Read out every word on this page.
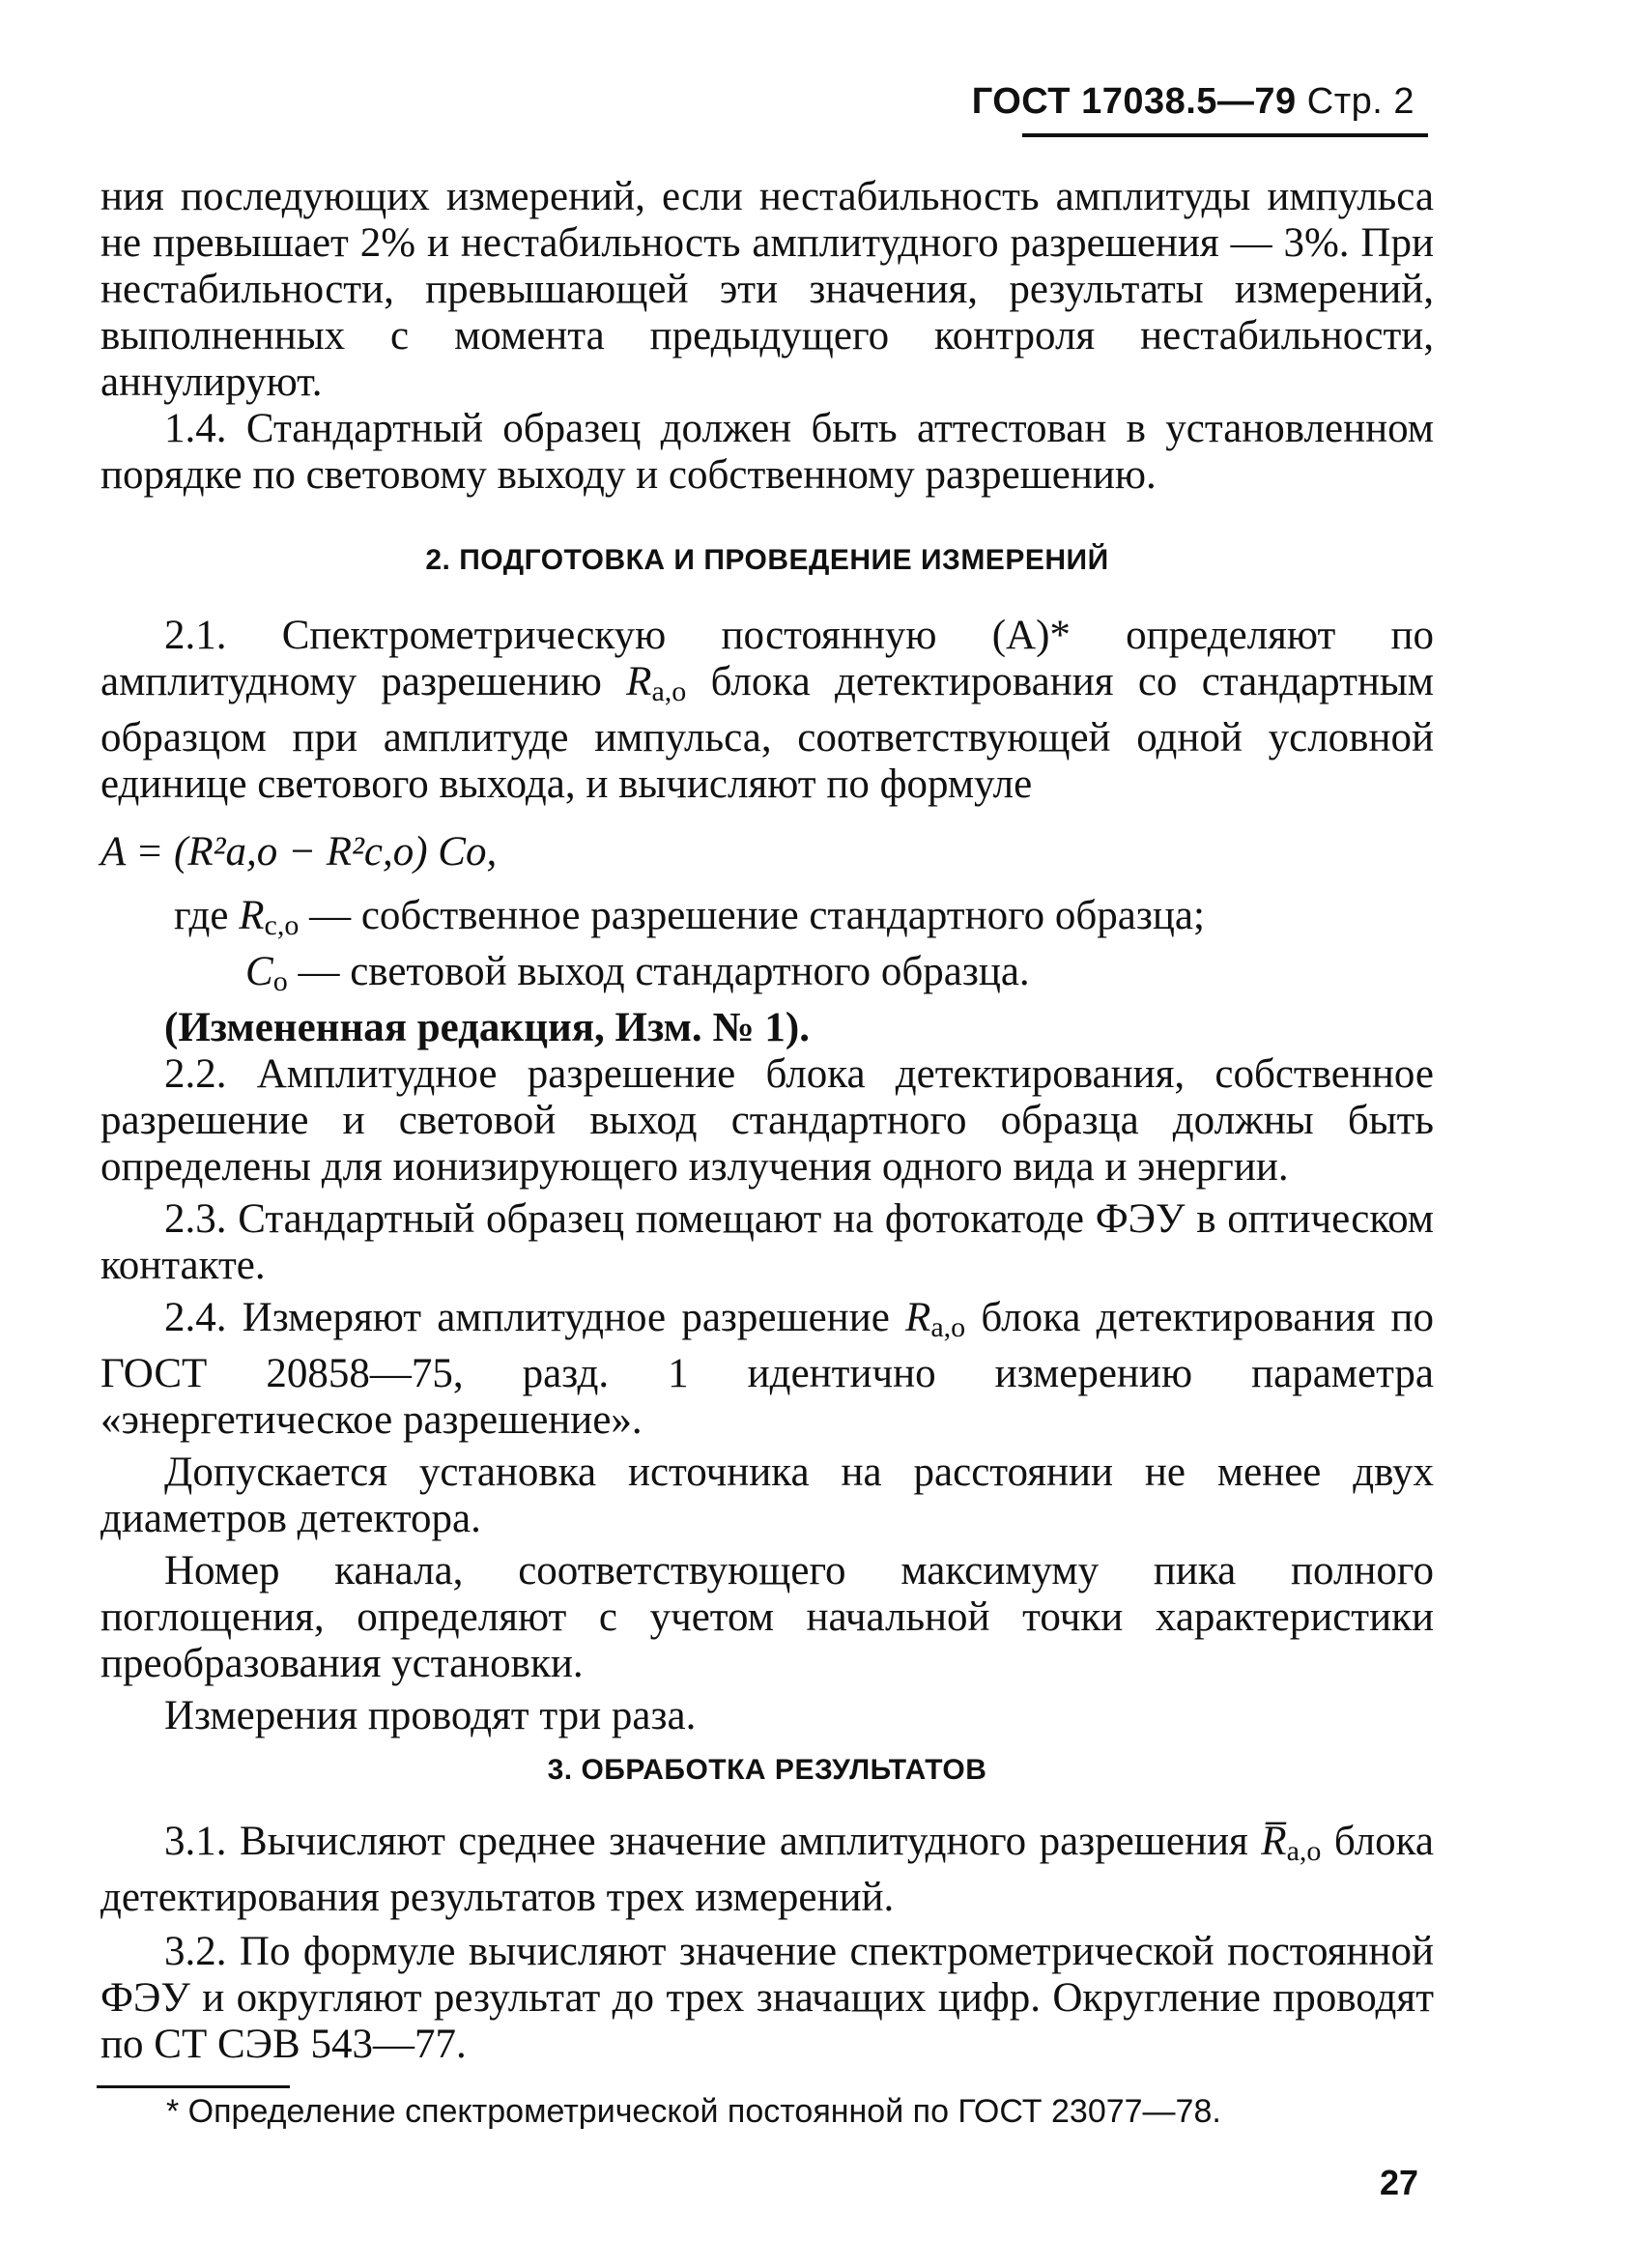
ГОСТ 17038.5—79 Стр. 2

ния последующих измерений, если нестабильность амплитуды импульса не превышает 2% и нестабильность амплитудного разрешения — 3%. При нестабильности, превышающей эти значения, результаты измерений, выполненных с момента предыдущего контроля нестабильности, аннулируют.

1.4. Стандартный образец должен быть аттестован в установленном порядке по световому выходу и собственному разрешению.

2. ПОДГОТОВКА И ПРОВЕДЕНИЕ ИЗМЕРЕНИЙ

2.1. Спектрометрическую постоянную (A)* определяют по амплитудному разрешению Ra,o блока детектирования со стандартным образцом при амплитуде импульса, соответствующей одной условной единице светового выхода, и вычисляют по формуле

A = (R²a,o − R²c,o) Co,

где Rc,o — собственное разрешение стандартного образца;

Co — световой выход стандартного образца.

(Измененная редакция, Изм. № 1).

2.2. Амплитудное разрешение блока детектирования, собственное разрешение и световой выход стандартного образца должны быть определены для ионизирующего излучения одного вида и энергии.

2.3. Стандартный образец помещают на фотокатоде ФЭУ в оптическом контакте.

2.4. Измеряют амплитудное разрешение Ra,o блока детектирования по ГОСТ 20858—75, разд. 1 идентично измерению параметра «энергетическое разрешение».

Допускается установка источника на расстоянии не менее двух диаметров детектора.

Номер канала, соответствующего максимуму пика полного поглощения, определяют с учетом начальной точки характеристики преобразования установки.

Измерения проводят три раза.

3. ОБРАБОТКА РЕЗУЛЬТАТОВ

3.1. Вычисляют среднее значение амплитудного разрешения R̅a,o блока детектирования результатов трех измерений.

3.2. По формуле вычисляют значение спектрометрической постоянной ФЭУ и округляют результат до трех значащих цифр. Округление проводят по СТ СЭВ 543—77.

* Определение спектрометрической постоянной по ГОСТ 23077—78.
27
